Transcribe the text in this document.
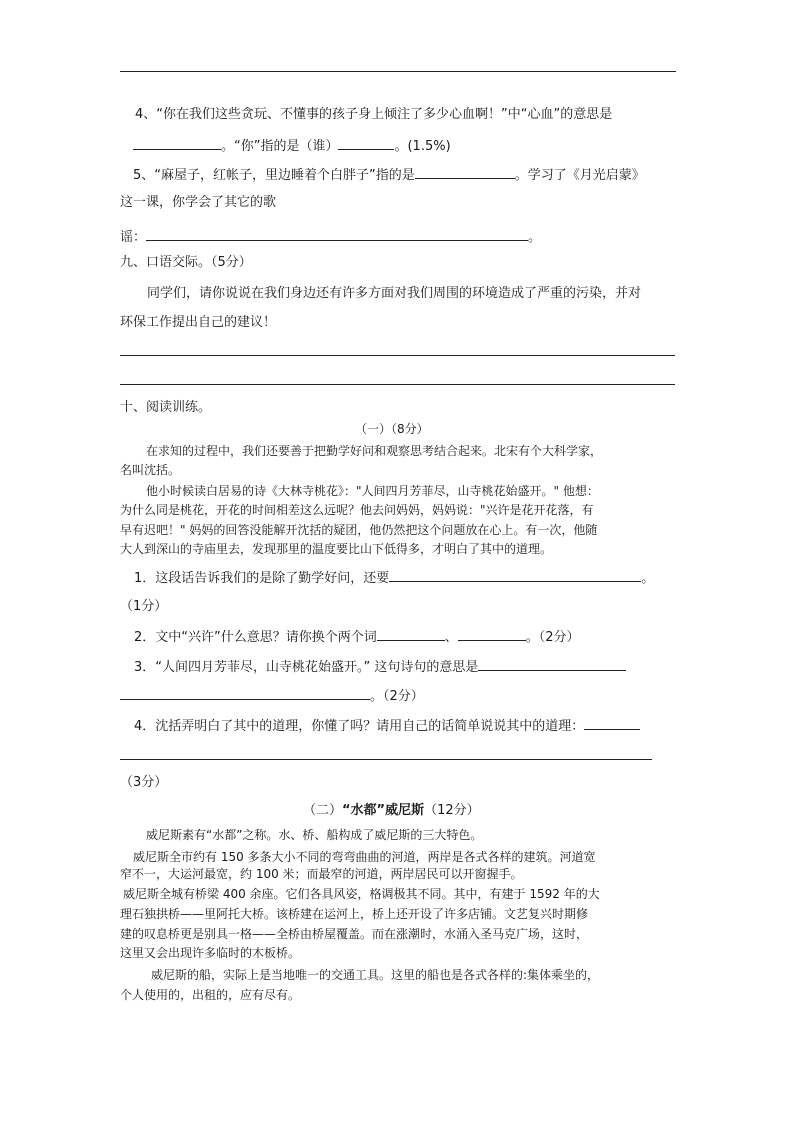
4、“你在我们这些贪玩、不懂事的孩子身上倾注了多少心血啊！”中“心血”的意思是
。“你”指的是（谁）	。(1.5%)
5、“麻屋子，红帐子，里边睡着个白胖子”指的是	。学习了《月光启蒙》
这一课，你学会了其它的歌
谣：	。
九、口语交际。（5分）
同学们，请你说说在我们身边还有许多方面对我们周围的环境造成了严重的污染，并对
环保工作提出自己的建议！
十、阅读训练。
（一）（8分）
在求知的过程中，我们还要善于把勤学好问和观察思考结合起来。北宋有个大科学家，
名叫沈括。
他小时候读白居易的诗《大林寺桃花》："人间四月芳菲尽，山寺桃花始盛开。" 他想：
为什么同是桃花，开花的时间相差这么远呢？他去问妈妈，妈妈说："兴许是花开花落，有
早有迟吧！" 妈妈的回答没能解开沈括的疑团，他仍然把这个问题放在心上。有一次，他随
大人到深山的寺庙里去，发现那里的温度要比山下低得多，才明白了其中的道理。
1．这段话告诉我们的是除了勤学好问，还要	。
（1分）
2．文中“兴许”什么意思？请你换个两个词	、	。（2分）
3．“人间四月芳菲尽，山寺桃花始盛开。” 这句诗句的意思是
。（2分）
4．沈括弄明白了其中的道理，你懂了吗？请用自己的话简单说说其中的道理：
（3分）
（二）“水都”威尼斯（12分）
威尼斯素有“水都”之称。水、桥、船构成了威尼斯的三大特色。
威尼斯全市约有 150 多条大小不同的弯弯曲曲的河道，两岸是各式各样的建筑。河道宽
窄不一，大运河最宽，约 100 米；而最窄的河道，两岸居民可以开窗握手。
威尼斯全城有桥梁 400 余座。它们各具风姿，格调极其不同。其中，有建于 1592 年的大
理石独拱桥——里阿托大桥。该桥建在运河上，桥上还开设了许多店铺。文艺复兴时期修
建的叹息桥更是别具一格——全桥由桥屋覆盖。而在涨潮时，水涌入圣马克广场，这时，
这里又会出现许多临时的木板桥。
威尼斯的船，实际上是当地唯一的交通工具。这里的船也是各式各样的:集体乘坐的，
个人使用的，出租的，应有尽有。
